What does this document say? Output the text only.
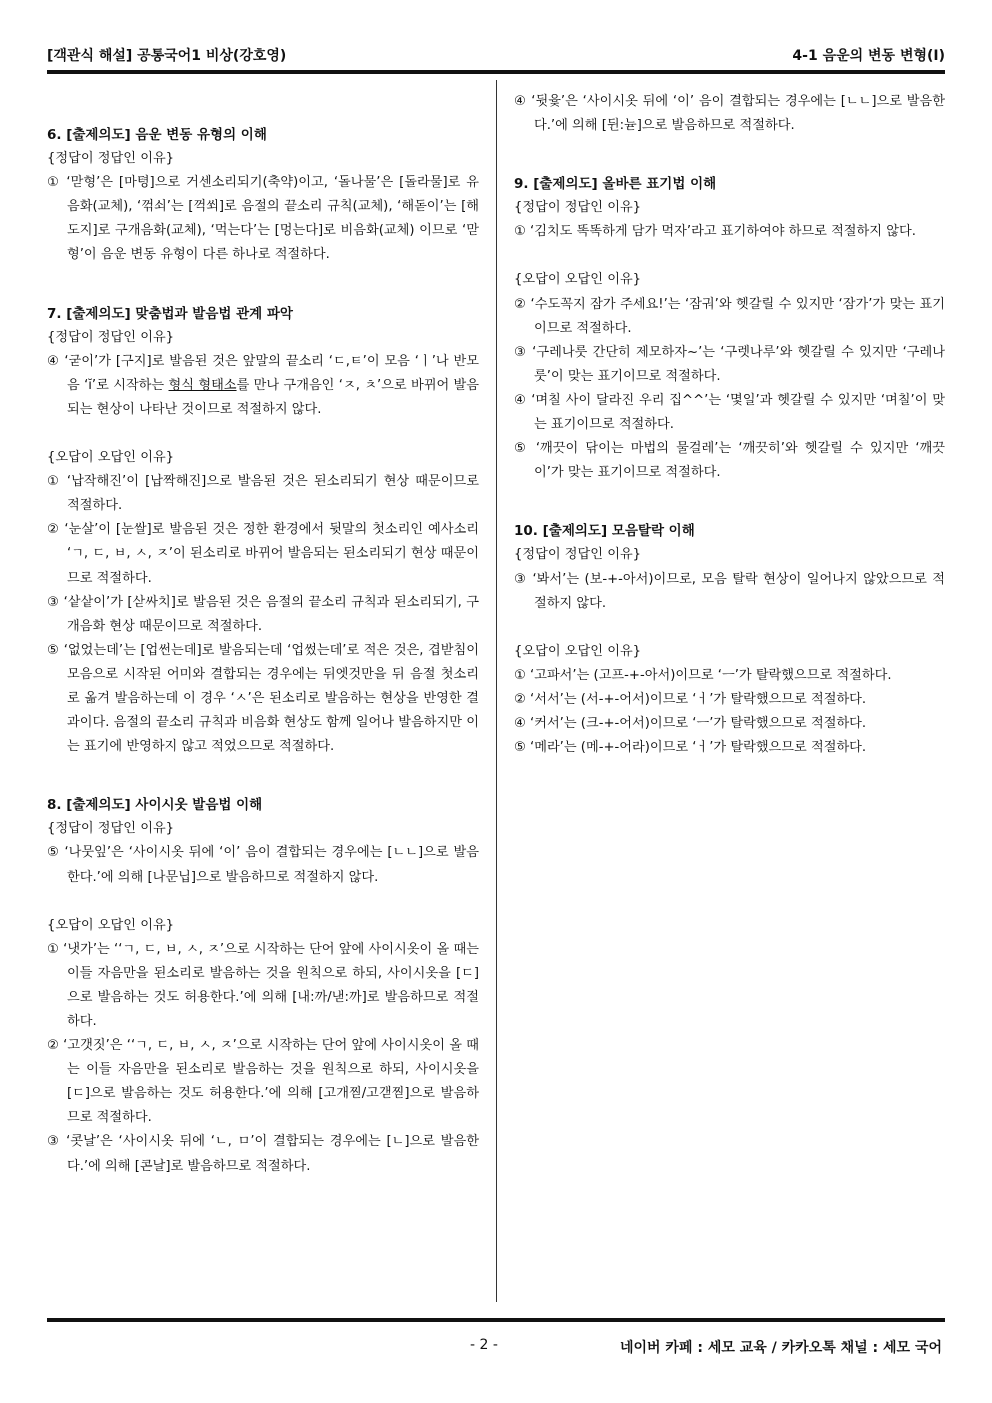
[객관식 해설] 공통국어1 비상(강호영)	4-1 음운의 변동 변형(Ⅰ)
6. [출제의도] 음운 변동 유형의 이해
{정답이 정답인 이유}
① ‘맏형’은 [마텽]으로 거센소리되기(축약)이고, ‘돌나물’은 [돌라물]로 유음화(교체), ‘꺾쇠’는 [꺽쐬]로 음절의 끝소리 규칙(교체), ‘해돋이’는 [해도지]로 구개음화(교체), ‘먹는다’는 [멍는다]로 비음화(교체) 이므로 ‘맏형’이 음운 변동 유형이 다른 하나로 적절하다.
7. [출제의도] 맞춤법과 발음법 관계 파악
{정답이 정답인 이유}
④ ‘굳이’가 [구지]로 발음된 것은 앞말의 끝소리 ‘ㄷ,ㅌ’이 모음 ‘ㅣ’나 반모음 ‘ĭ’로 시작하는 형식 형태소를 만나 구개음인 ‘ㅈ, ㅊ’으로 바뀌어 발음되는 현상이 나타난 것이므로 적절하지 않다.
{오답이 오답인 이유}
① ‘납작해진’이 [납짝해진]으로 발음된 것은 된소리되기 현상 때문이므로 적절하다.
② ‘눈살’이 [눈쌀]로 발음된 것은 정한 환경에서 뒷말의 첫소리인 예사소리 ‘ㄱ, ㄷ, ㅂ, ㅅ, ㅈ’이 된소리로 바뀌어 발음되는 된소리되기 현상 때문이므로 적절하다.
③ ‘샅샅이’가 [삳싸치]로 발음된 것은 음절의 끝소리 규칙과 된소리되기, 구개음화 현상 때문이므로 적절하다.
⑤ ‘없었는데’는 [업썬는데]로 발음되는데 ‘업썼는데’로 적은 것은, 겹받침이 모음으로 시작된 어미와 결합되는 경우에는 뒤엣것만을 뒤 음절 첫소리로 옮겨 발음하는데 이 경우 ‘ㅅ’은 된소리로 발음하는 현상을 반영한 결과이다. 음절의 끝소리 규칙과 비음화 현상도 함께 일어나 발음하지만 이는 표기에 반영하지 않고 적었으므로 적절하다.
8. [출제의도] 사이시옷 발음법 이해
{정답이 정답인 이유}
⑤ ‘나뭇잎’은 ‘사이시옷 뒤에 ‘이’ 음이 결합되는 경우에는 [ㄴㄴ]으로 발음한다.’에 의해 [나문닙]으로 발음하므로 적절하지 않다.
{오답이 오답인 이유}
① ‘냇가’는 ‘‘ㄱ, ㄷ, ㅂ, ㅅ, ㅈ’으로 시작하는 단어 앞에 사이시옷이 올 때는 이들 자음만을 된소리로 발음하는 것을 원칙으로 하되, 사이시옷을 [ㄷ]으로 발음하는 것도 허용한다.’에 의해 [내:까/낻:까]로 발음하므로 적절하다.
② ‘고갯짓’은 ‘‘ㄱ, ㄷ, ㅂ, ㅅ, ㅈ’으로 시작하는 단어 앞에 사이시옷이 올 때는 이들 자음만을 된소리로 발음하는 것을 원칙으로 하되, 사이시옷을 [ㄷ]으로 발음하는 것도 허용한다.’에 의해 [고개찓/고갣찓]으로 발음하므로 적절하다.
③ ‘콧날’은 ‘사이시옷 뒤에 ‘ㄴ, ㅁ’이 결합되는 경우에는 [ㄴ]으로 발음한다.’에 의해 [콘날]로 발음하므로 적절하다.
④ ‘뒷윷’은 ‘사이시옷 뒤에 ‘이’ 음이 결합되는 경우에는 [ㄴㄴ]으로 발음한다.’에 의해 [뒨:뉻]으로 발음하므로 적절하다.
9. [출제의도] 올바른 표기법 이해
{정답이 정답인 이유}
① ‘김치도 똑똑하게 담가 먹자’라고 표기하여야 하므로 적절하지 않다.
{오답이 오답인 이유}
② ‘수도꼭지 잠가 주세요!’는 ‘잠궈’와 헷갈릴 수 있지만 ‘잠가’가 맞는 표기이므로 적절하다.
③ ‘구레나룻 간단히 제모하자~’는 ‘구렛나루’와 헷갈릴 수 있지만 ‘구레나룻’이 맞는 표기이므로 적절하다.
④ ‘며칠 사이 달라진 우리 집^^’는 ‘몇일’과 헷갈릴 수 있지만 ‘며칠’이 맞는 표기이므로 적절하다.
⑤ ‘깨끗이 닦이는 마법의 물걸레’는 ‘깨끗히’와 헷갈릴 수 있지만 ‘깨끗이’가 맞는 표기이므로 적절하다.
10. [출제의도] 모음탈락 이해
{정답이 정답인 이유}
③ ‘봐서’는 (보-+-아서)이므로, 모음 탈락 현상이 일어나지 않았으므로 적절하지 않다.
{오답이 오답인 이유}
① ‘고파서’는 (고프-+-아서)이므로 ‘ㅡ’가 탈락했으므로 적절하다.
② ‘서서’는 (서-+-어서)이므로 ‘ㅓ’가 탈락했으므로 적절하다.
④ ‘커서’는 (크-+-어서)이므로 ‘ㅡ’가 탈락했으므로 적절하다.
⑤ ‘메라’는 (메-+-어라)이므로 ‘ㅓ’가 탈락했으므로 적절하다.
- 2 -	네이버 카페 : 세모 교육 / 카카오톡 채널 : 세모 국어
